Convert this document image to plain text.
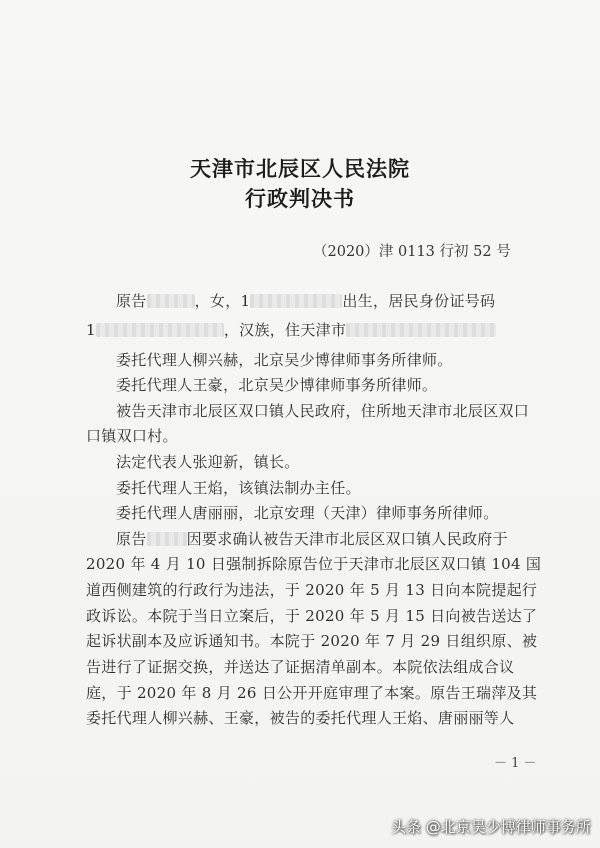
天津市北辰区人民法院
行政判决书
（2020）津 0113 行初 52 号
原告	，女，1	出生，居民身份证号码
1	，汉族，住天津市
委托代理人柳兴赫，北京吴少博律师事务所律师。
委托代理人王豪，北京吴少博律师事务所律师。
被告天津市北辰区双口镇人民政府，住所地天津市北辰区双口
口镇双口村。
法定代表人张迎新，镇长。
委托代理人王焰，该镇法制办主任。
委托代理人唐丽丽，北京安理（天津）律师事务所律师。
原告	因要求确认被告天津市北辰区双口镇人民政府于
2020 年 4 月 10 日强制拆除原告位于天津市北辰区双口镇 104 国
道西侧建筑的行政行为违法，于 2020 年 5 月 13 日向本院提起行
政诉讼。本院于当日立案后，于 2020 年 5 月 15 日向被告送达了
起诉状副本及应诉通知书。本院于 2020 年 7 月 29 日组织原、被
告进行了证据交换，并送达了证据清单副本。本院依法组成合议
庭，于 2020 年 8 月 26 日公开开庭审理了本案。原告王瑞萍及其
委托代理人柳兴赫、王豪，被告的委托代理人王焰、唐丽丽等人
－ 1 －
头条 @北京吴少博律师事务所
